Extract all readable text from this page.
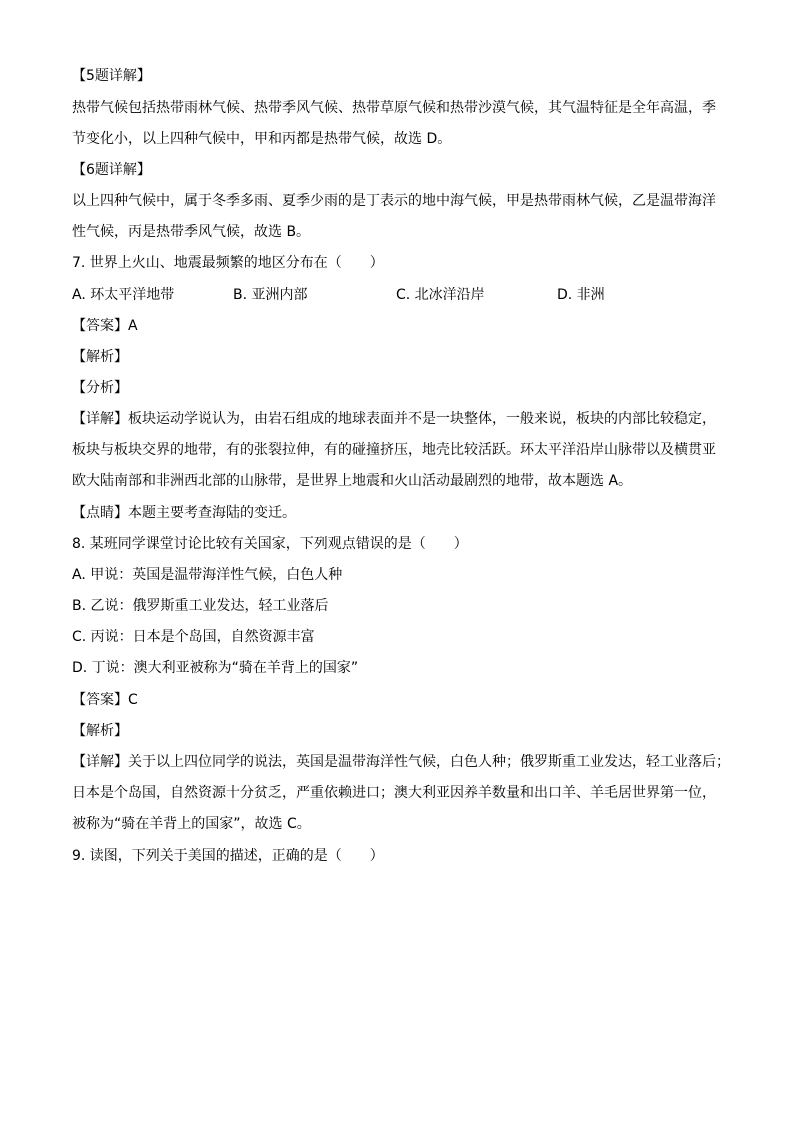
【5题详解】
热带气候包括热带雨林气候、热带季风气候、热带草原气候和热带沙漠气候，其气温特征是全年高温，季
节变化小，以上四种气候中，甲和丙都是热带气候，故选 D。
【6题详解】
以上四种气候中，属于冬季多雨、夏季少雨的是丁表示的地中海气候，甲是热带雨林气候，乙是温带海洋
性气候，丙是热带季风气候，故选 B。
7. 世界上火山、地震最频繁的地区分布在（　　）
A. 环太平洋地带	B. 亚洲内部	C. 北冰洋沿岸	D. 非洲
【答案】A
【解析】
【分析】
【详解】板块运动学说认为，由岩石组成的地球表面并不是一块整体，一般来说，板块的内部比较稳定，
板块与板块交界的地带，有的张裂拉伸，有的碰撞挤压，地壳比较活跃。环太平洋沿岸山脉带以及横贯亚
欧大陆南部和非洲西北部的山脉带，是世界上地震和火山活动最剧烈的地带，故本题选 A。
【点睛】本题主要考查海陆的变迁。
8. 某班同学课堂讨论比较有关国家，下列观点错误的是（　　）
A. 甲说：英国是温带海洋性气候，白色人种
B. 乙说：俄罗斯重工业发达，轻工业落后
C. 丙说：日本是个岛国，自然资源丰富
D. 丁说：澳大利亚被称为“骑在羊背上的国家”
【答案】C
【解析】
【详解】关于以上四位同学的说法，英国是温带海洋性气候，白色人种；俄罗斯重工业发达，轻工业落后；
日本是个岛国，自然资源十分贫乏，严重依赖进口；澳大利亚因养羊数量和出口羊、羊毛居世界第一位，
被称为“骑在羊背上的国家”，故选 C。
9. 读图，下列关于美国的描述，正确的是（　　）
